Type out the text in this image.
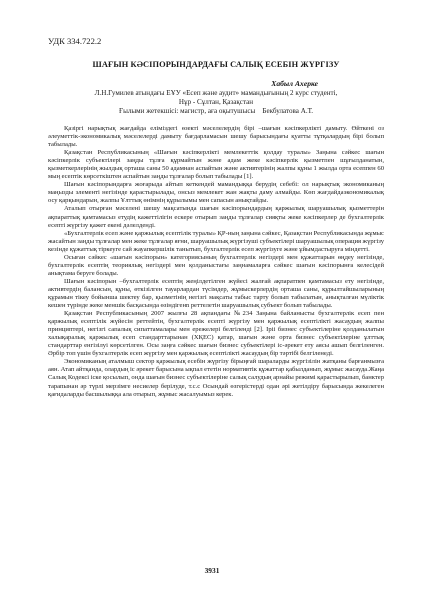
УДК 334.722.2
ШАҒЫН КӘСІПОРЫНДАРДАҒЫ САЛЫҚ ЕСЕБІН ЖҮРГІЗУ
Хабыл Ахерке
Л.Н.Гумилев атындағы ЕҰУ «Есеп және аудит» мамандығының 2 курс студенті,
Нұр - Сұлтан, Қазақстан
Ғылыми жетекшісі: магистр, аға оқытушысы    Бекбулатова А.Т.

Қазіргі нарықтық жағдайда еліміздегі өзекті мәселелердің бірі –шағын кәсіпкерлікті дамыту. Өйткені оз әлеуметтік-экономикалық мәселелерді дамыту бағдарламасын шешу барысындағы қуатты тұтқалардың бірі болып табылады.

Қазақстан Республикасының «Шағын кәсіпкерлікті мемлекеттік қолдау туралы» Заңына сәйкес шағын кәсіпкерлік субъектілері заңды тұлға құрмайтын және адам жеке кәсіпкерлік қызметпен шұғылданатын, қызметкерлерінің жылдық орташа саны 50 адамнан аспайтын және активтерінің жалпы құны 1 жылда орта есеппен 60 мың есептік көрсеткіштен аспайтын заңды тұлғалар болып табылады [1].

Шағын кәсіпорындарға жоғарыда айтып кеткендей мамандыққа берудің себебі: ол нарықтық экономиканың маңызды элементі негізінде қарастырылады, онсыз мемлекет жан жақты даму алмайды. Көп жағдайдаэкономикалық осу қарқындарын, жалпы Ұлттық өнімнің құрылымы мен сапасын анықтайды.

Аталып отырған мәселені шешу мақсатында шағын кәсіпорындардың қаржылық шаруашылық қызметтерін ақпараттық қамтамасыз етудің кажеттілігін ескере отырып заңды тұлғалар сияқты жеке кәсіпкерлер де бухгалтерлік есепті жүргізу қажет екені дәлелденді.

«Бухгалтерлік есеп және қаржылық есептілік туралы» ҚР-ның заңына сәйкес, Қазақстан Республикасында жұмыс жасайтын заңды тұлғалар мен жеке тұлғалар яғни, шаруашылық жүргізуші субъектілері шаруашылық операция жүргізу кезінде құжаттық тіркеуге сай жауапкершілік танытып, бухгалтерлік есеп жүргізуге және ұйымдастыруға міндетті.

Осыған сәйкес «шағын кәсіпорын» категориясының бухгалтерлік негіздері мен құжаттарын өңдеу негізінде, бухгалтерлік есептің теориялық негіздері мен қолданыстағы заңнамаларға сәйкес шағын кәсіпорынға келесідей анықтама беруге болады.

Шағын кәсіпорын –бухгалтерлік есептің жеңілдетілген жүйесі жалғай ақпаратпен қамтамасыз ету негізінде, активтердің балансын, құны, өткізілген тауарлардан түсімдер, жұмыскерлердің орташа саны, құрылтайшыларының құрамын тікеу бойынша шектеу бар, қызметінің негізгі мақсаты табыс тарту болып табылатын, анықталған мүліктік кешен түрінде жеке меншік басқасында өзіндігенn реттелетін шаруашылық субъект болып табылады.

Қазақстан Республикасының 2007 жылғы 28 ақпандағы №234 Заңына байланысты бухгалтерлік есеп пен қаржылық есептілік жүйесін реттейтін, бухгалтерлік есепті жүргізу мен қаржылық есептілікті жасаудың жалпы принциптері, негізгі сапалық сипаттамалары мен ережелері белгіленді [2]. Іріі бизнес субъектілеріне қолданылатын халықаралық қаржылық есеп стандарттарынан (ХҚЕС) қатар, шағын және орта бизнес субъектілеріне ұлттық стандарттар енгізілуі көрсетілген. Осы заңға сәйкес шағын бизнес субъектілері іс-әрекет ету аясы ашып белгіленген. Әрбір топ үшін бухгалтерлік есеп жүргізу мен қаржылық есептілікті жасаудың бір тәртібі белгіленеді.

Экономиканың аталмыш сектор қаржылық есебін жүргізу бірыңғай шараларды жүргізілін жатқаны барғанмызға аян. Атап айтқанда, олардың іс әрекет барысына ықпал ететін нормативтік құжаттар қабылданып, жұмыс жасауда.Жаңа Салық Кодексі іске қосылып, онда шағын бизнес субъектілеріне салық салудың арнайы режимі қарастырылып, банктер тарапынан әр түрлі мерзімге несиелер берілуде, т.с.с Осындай өзгерістерді одан әрі жетілдіру барысында жекелеген қағидаларды басшылыққа ала отырып, жұмыс жасалуымыз керек.

3931
